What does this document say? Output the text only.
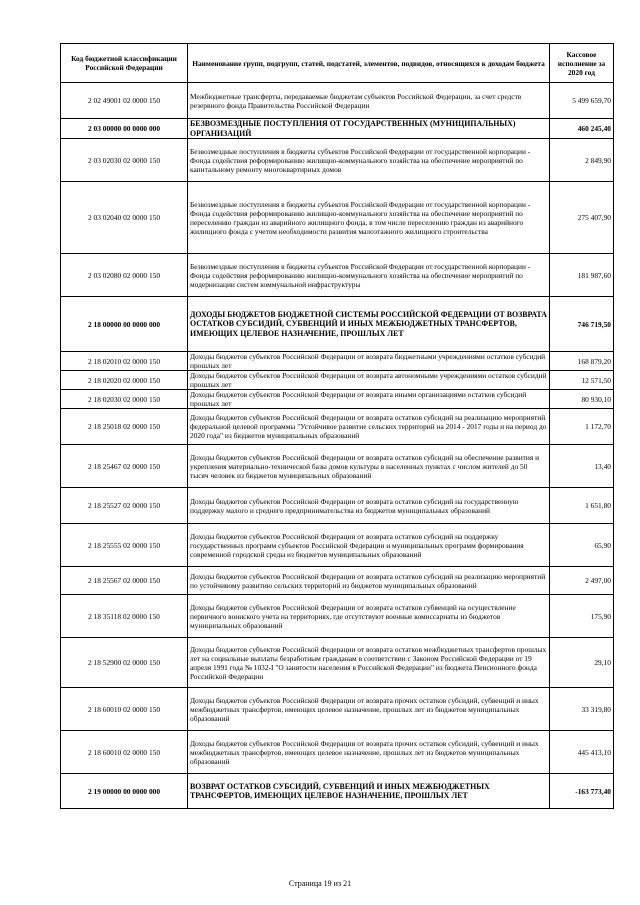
Код бюджетной классификации Российской Федерации	Наименование групп, подгрупп, статей, подстатей, элементов, подвидов, относящихся к доходам бюджета	Кассовое исполнение за 2020 год
2 02 49001 02 0000 150	Межбюджетные трансферты, передаваемые бюджетам субъектов Российской Федерации, за счет средств резервного фонда Правительства Российской Федерации	5 499 659,70
2 03 00000 00 0000 000	БЕЗВОЗМЕЗДНЫЕ ПОСТУПЛЕНИЯ ОТ ГОСУДАРСТВЕННЫХ (МУНИЦИПАЛЬНЫХ) ОРГАНИЗАЦИЙ	460 245,40
2 03 02030 02 0000 150	Безвозмездные поступления в бюджеты субъектов Российской Федерации от государственной корпорации - Фонда содействия реформированию жилищно-коммунального хозяйства на обеспечение мероприятий по капитальному ремонту многоквартирных домов	2 849,90
2 03 02040 02 0000 150	Безвозмездные поступления в бюджеты субъектов Российской Федерации от государственной корпорации - Фонда содействия реформированию жилищно-коммунального хозяйства на обеспечение мероприятий по переселению граждан из аварийного жилищного фонда, в том числе переселению граждан из аварийного жилищного фонда с учетом необходимости развития малоэтажного жилищного строительства	275 407,90
2 03 02080 02 0000 150	Безвозмездные поступления в бюджеты субъектов Российской Федерации от государственной корпорации - Фонда содействия реформированию жилищно-коммунального хозяйства на обеспечение мероприятий по модернизации систем коммунальной инфраструктуры	181 987,60
2 18 00000 00 0000 000	ДОХОДЫ БЮДЖЕТОВ БЮДЖЕТНОЙ СИСТЕМЫ РОССИЙСКОЙ ФЕДЕРАЦИИ ОТ ВОЗВРАТА ОСТАТКОВ СУБСИДИЙ, СУБВЕНЦИЙ И ИНЫХ МЕЖБЮДЖЕТНЫХ ТРАНСФЕРТОВ, ИМЕЮЩИХ ЦЕЛЕВОЕ НАЗНАЧЕНИЕ, ПРОШЛЫХ ЛЕТ	746 719,50
2 18 02010 02 0000 150	Доходы бюджетов субъектов Российской Федерации от возврата бюджетными учреждениями остатков субсидий прошлых лет	168 879,20
2 18 02020 02 0000 150	Доходы бюджетов субъектов Российской Федерации от возврата автономными учреждениями остатков субсидий прошлых лет	12 571,50
2 18 02030 02 0000 150	Доходы бюджетов субъектов Российской Федерации от возврата иными организациями остатков субсидий прошлых лет	80 930,10
2 18 25018 02 0000 150	Доходы бюджетов субъектов Российской Федерации от возврата остатков субсидий на реализацию мероприятий федеральной целевой программы "Устойчивое развитие сельских территорий на 2014 - 2017 годы и на период до 2020 года" из бюджетов муниципальных образований	1 172,70
2 18 25467 02 0000 150	Доходы бюджетов субъектов Российской Федерации от возврата остатков субсидий на обеспечение развития и укрепления материально-технической базы домов культуры в населенных пунктах с числом жителей до 50 тысяч человек из бюджетов муниципальных образований	13,40
2 18 25527 02 0000 150	Доходы бюджетов субъектов Российской Федерации от возврата остатков субсидий на государственную поддержку малого и среднего предпринимательства из бюджетов муниципальных образований	1 651,80
2 18 25555 02 0000 150	Доходы бюджетов субъектов Российской Федерации от возврата остатков субсидий на поддержку государственных программ субъектов Российской Федерации и муниципальных программ формирования современной городской среды из бюджетов муниципальных образований	65,90
2 18 25567 02 0000 150	Доходы бюджетов субъектов Российской Федерации от возврата остатков субсидий на реализацию мероприятий по устойчивому развитию сельских территорий из бюджетов муниципальных образований	2 497,00
2 18 35118 02 0000 150	Доходы бюджетов субъектов Российской Федерации от возврата остатков субвенций на осуществление первичного воинского учета на территориях, где отсутствуют военные комиссариаты из бюджетов муниципальных образований	175,90
2 18 52900 02 0000 150	Доходы бюджетов субъектов Российской Федерации от возврата остатков межбюджетных трансфертов прошлых лет на социальные выплаты безработным гражданам в соответствии с Законом Российской Федерации от 19 апреля 1991 года № 1032-I "О занятости населения в Российской Федерации" из бюджета Пенсионного фонда Российской Федерации	29,10
2 18 60010 02 0000 150	Доходы бюджетов субъектов Российской Федерации от возврата прочих остатков субсидий, субвенций и иных межбюджетных трансфертов, имеющих целевое назначение, прошлых лет из бюджетов муниципальных образований	33 319,80
2 18 60010 02 0000 150	Доходы бюджетов субъектов Российской Федерации от возврата прочих остатков субсидий, субвенций и иных межбюджетных трансфертов, имеющих целевое назначение, прошлых лет из бюджетов муниципальных образований	445 413,10
2 19 00000 00 0000 000	ВОЗВРАТ ОСТАТКОВ СУБСИДИЙ, СУБВЕНЦИЙ И ИНЫХ МЕЖБЮДЖЕТНЫХ ТРАНСФЕРТОВ, ИМЕЮЩИХ ЦЕЛЕВОЕ НАЗНАЧЕНИЕ, ПРОШЛЫХ ЛЕТ	-163 773,40
Страница 19 из 21
